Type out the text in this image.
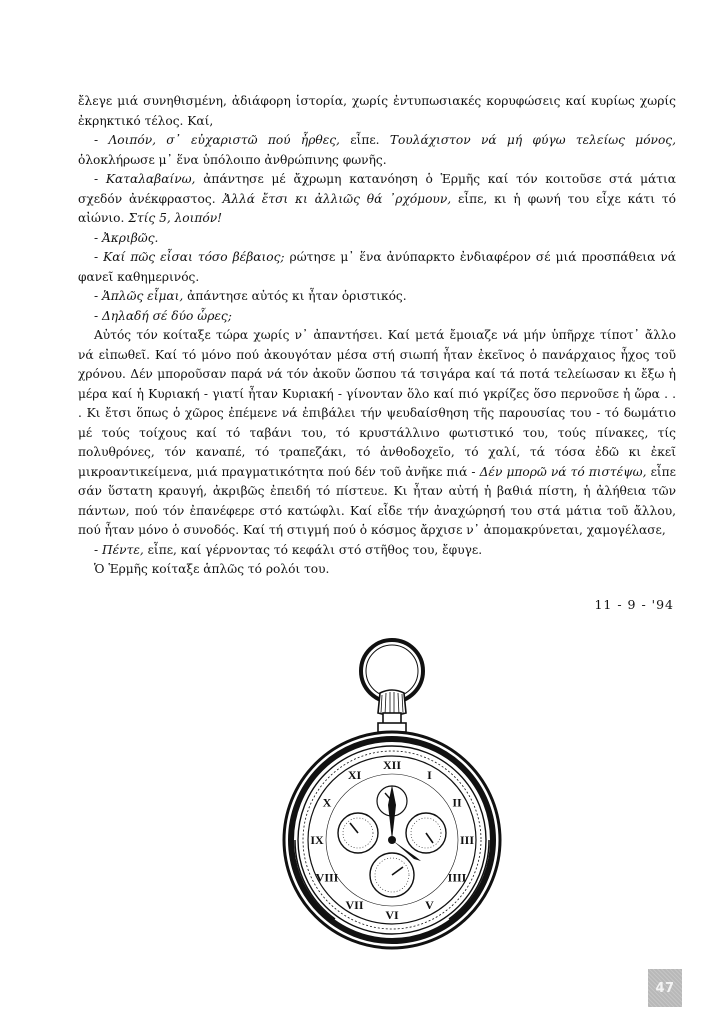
ἔλεγε μιά συνηθισμένη, ἀδιάφορη ἱστορία, χωρίς ἐντυπωσιακές κορυφώσεις καί κυρίως χωρίς ἐκρηκτικό τέλος. Καί,

- Λοιπόν, σ᾽ εὐχαριστῶ πού ἦρθες, εἶπε. Τουλάχιστον νά μή φύγω τελείως μόνος, ὁλοκλήρωσε μ᾽ ἕνα ὑπόλοιπο ἀνθρώπινης φωνῆς.

- Καταλαβαίνω, ἀπάντησε μέ ἄχρωμη κατανόηση ὁ Ἑρμῆς καί τόν κοιτοῦσε στά μάτια σχεδόν ἀνέκφραστος. Ἀλλά ἔτσι κι ἀλλιῶς θά ᾽ρχόμουν, εἶπε, κι ἡ φωνή του εἶχε κάτι τό αἰώνιο. Στίς 5, λοιπόν!

- Ἀκριβῶς.

- Καί πῶς εἶσαι τόσο βέβαιος; ρώτησε μ᾽ ἕνα ἀνύπαρκτο ἐνδιαφέρον σέ μιά προσπάθεια νά φανεῖ καθημερινός.

- Ἁπλῶς εἶμαι, ἀπάντησε αὐτός κι ἦταν ὁριστικός.

- Δηλαδή σέ δύο ὧρες;

Αὐτός τόν κοίταξε τώρα χωρίς ν᾽ ἀπαντήσει. Καί μετά ἔμοιαζε νά μήν ὑπῆρχε τίποτ᾽ ἄλλο νά εἰπωθεῖ. Καί τό μόνο πού ἀκουγόταν μέσα στή σιωπή ἦταν ἐκεῖνος ὁ πανάρχαιος ἦχος τοῦ χρόνου. Δέν μποροῦσαν παρά νά τόν ἀκοῦν ὥσπου τά τσιγάρα καί τά ποτά τελείωσαν κι ἔξω ἡ μέρα καί ἡ Κυριακή - γιατί ἦταν Κυριακή - γίνονταν ὅλο καί πιό γκρίζες ὅσο περνοῦσε ἡ ὥρα . . . Κι ἔτσι ὅπως ὁ χῶρος ἐπέμενε νά ἐπιβάλει τήν ψευδαίσθηση τῆς παρουσίας του - τό δωμάτιο μέ τούς τοίχους καί τό ταβάνι του, τό κρυστάλλινο φωτιστικό του, τούς πίνακες, τίς πολυθρόνες, τόν καναπέ, τό τραπεζάκι, τό ἀνθοδοχεῖο, τό χαλί, τά τόσα ἐδῶ κι ἐκεῖ μικροαντικείμενα, μιά πραγματικότητα πού δέν τοῦ ἀνῆκε πιά - Δέν μπορῶ νά τό πιστέψω, εἶπε σάν ὕστατη κραυγή, ἀκριβῶς ἐπειδή τό πίστευε. Κι ἦταν αὐτή ἡ βαθιά πίστη, ἡ ἀλήθεια τῶν πάντων, πού τόν ἐπανέφερε στό κατώφλι. Καί εἶδε τήν ἀναχώρησή του στά μάτια τοῦ ἄλλου, πού ἦταν μόνο ὁ συνοδός. Καί τή στιγμή πού ὁ κόσμος ἄρχισε ν᾽ ἀπομακρύνεται, χαμογέλασε,

- Πέντε, εἶπε, καί γέρνοντας τό κεφάλι στό στῆθος του, ἔφυγε.

Ὁ Ἑρμῆς κοίταξε ἁπλῶς τό ρολόι του.

11 - 9 - '94
XII
I
II
III
IIII
V
VI
VII
VIII
IX
X
XI
47
